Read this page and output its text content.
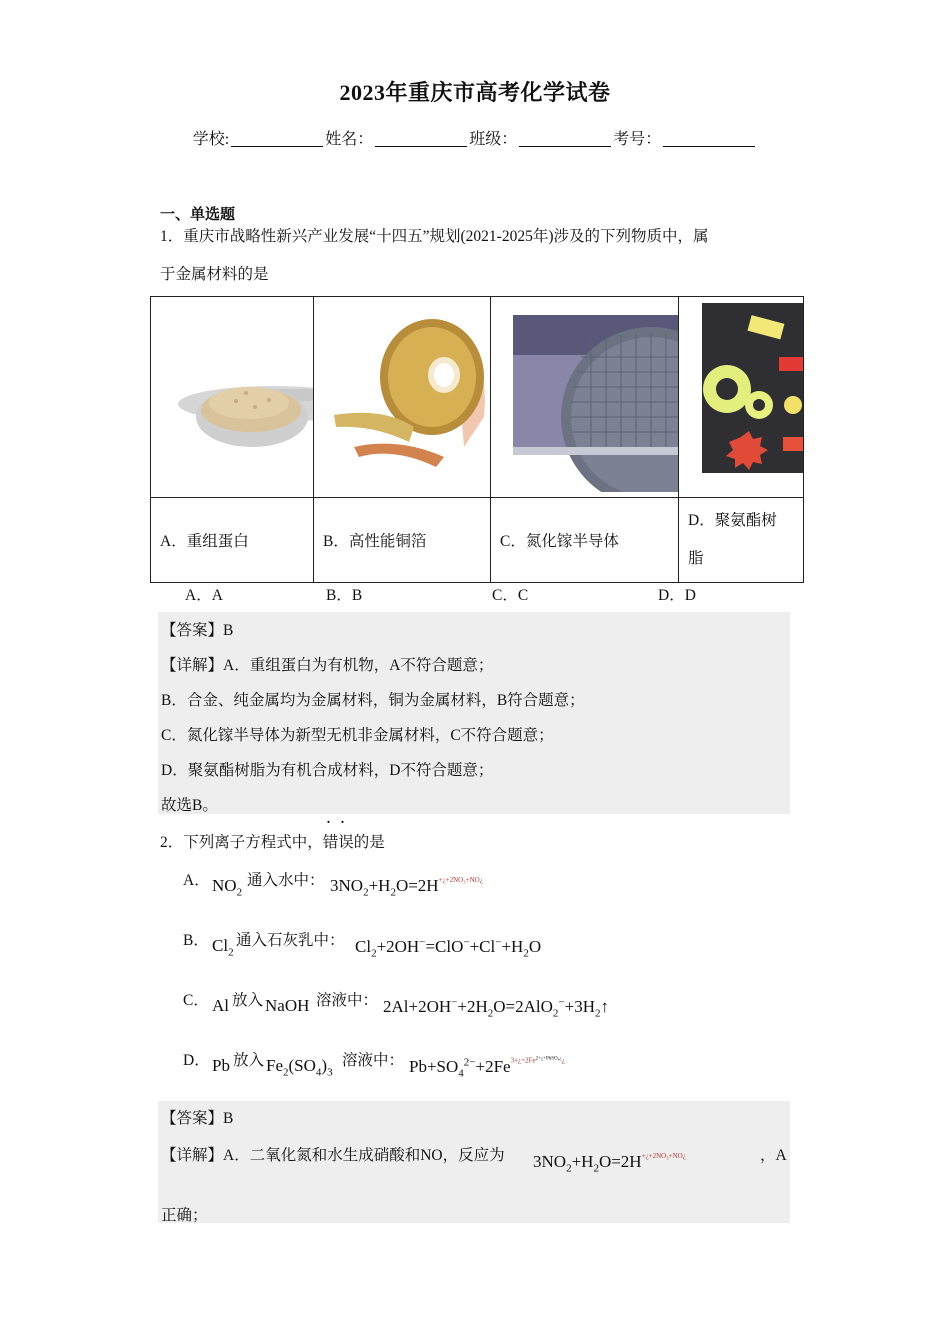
2023年重庆市高考化学试卷
学校:	姓名：	班级：	考号：
一、单选题
1．重庆市战略性新兴产业发展“十四五”规划(2021-2025年)涉及的下列物质中，属
于金属材料的是

A．重组蛋白	B．高性能铜箔	C．氮化镓半导体	D．聚氨酯树
脂
A．A	B．B	C．C	D．D
【答案】B
【详解】A．重组蛋白为有机物，A不符合题意；
B．合金、纯金属均为金属材料，铜为金属材料，B符合题意；
C．氮化镓半导体为新型无机非金属材料，C不符合题意；
D．聚氨酯树脂为有机合成材料，D不符合题意；
故选B。
2．下列离子方程式中，
.   .
错误的是
A． $NO_2$
通入水中： $3NO_2+H_2O=2H^{+¿+2NO_3+NO¿}$
B． $Cl_2$
通入石灰乳中： $Cl_2+2OH^-=ClO^-+Cl^-+H_2O$
C． Al 放入 NaOH 溶液中： $2Al+2OH^-+2H_2O=2AlO_2^-+3H_2↑$
D． Pb 放入 $Fe_2(SO_4)_3$
溶液中： $Pb+SO_4^{2-}+2Fe^{3+¿=2Fe2+¿+PbSO_4¿¿}$
【答案】B
【详解】A．二氧化氮和水生成硝酸和NO，反应为 $3NO_2+H_2O=2H^{+¿+2NO_3+NO¿}$	，A
正确；
